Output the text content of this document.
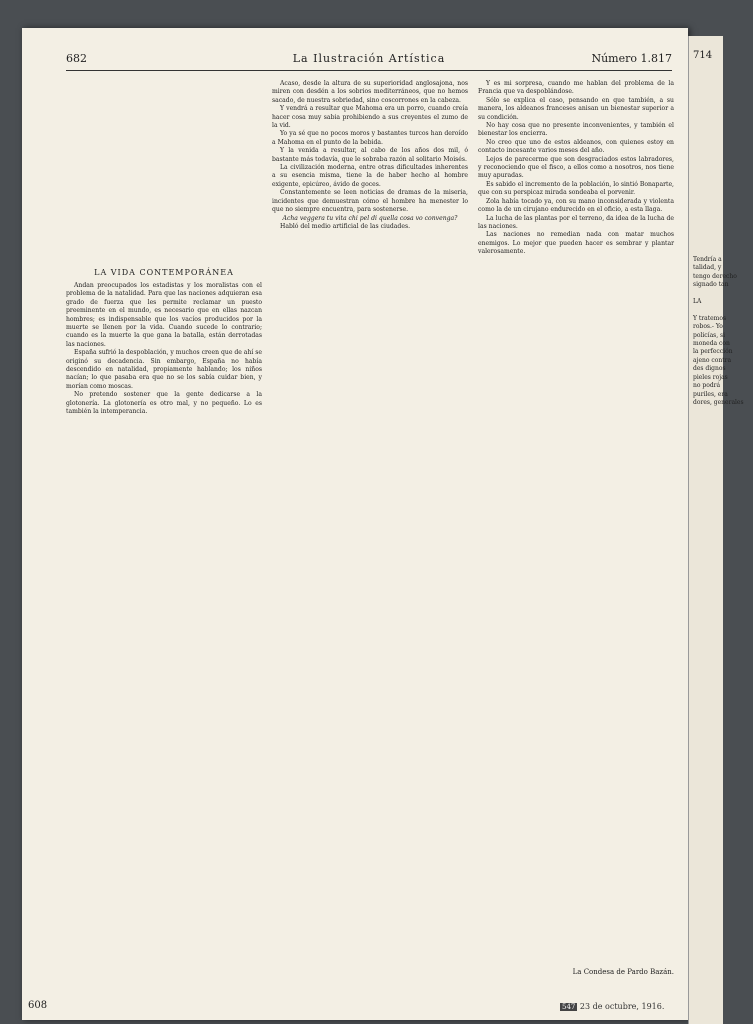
682	La Ilustración Artística	Número 1.817
LA VIDA CONTEMPORÁNEA

Andan preocupados los estadistas y los moralistas con el problema de la natalidad. Para que las naciones adquieran esa grado de fuerza que les permite reclamar un puesto preeminente en el mundo, es necesario que en ellas nazcan hombres; es indispensable que los vacíos producidos por la muerte se llenen por la vida. Cuando sucede lo contrario; cuando es la muerte la que gana la batalla, están derrotadas las naciones.

España sufrió la despoblación, y muchos creen que de ahí se originó su decadencia. Sin embargo, España no había descendido en natalidad, propiamente hablando; los niños nacían; lo que pasaba era que no se los sabía cuidar bien, y morían como moscas.

No pretendo sostener que la gente dedicarse a la glotonería. La glotonería es otro mal, y no pequeño. Lo es también la intemperancia.

Acaso, desde la altura de su superioridad anglosajona, nos miren con desdén a los sobrios mediterráneos, que no hemos sacado, de nuestra sobriedad, sino coscorrones en la cabeza.

Y vendrá a resultar que Mahoma era un porro, cuando creía hacer cosa muy sabia prohibiendo a sus creyentes el zumo de la vid.

Yo ya sé que no pocos moros y bastantes turcos han deroído a Mahoma en el punto de la bebida.

Y la venida a resultar, al cabo de los años dos mil, ó bastante más todavía, que le sobraba razón al solitario Moisés.

La civilización moderna, entre otras dificultades inherentes a su esencia misma, tiene la de haber hecho al hombre exigente, epicúreo, ávido de goces.

Constantemente se leen noticias de dramas de la miseria, incidentes que demuestran cómo el hombre ha menester lo que no siempre encuentra, para sostenerse.

Acha veggera tu vita chi pel di quella cosa vo convenga?

Habló del medio artificial de las ciudades.

Y es mi sorpresa, cuando me hablan del problema de la Francia que va despoblándose.

Sólo se explica el caso, pensando en que también, a su manera, los aldeanos franceses anisan un bienestar superior a su condición.

No hay cosa que no presente inconvenientes, y también el bienestar los encierra.

No creo que uno de estos aldeanos, con quienes estoy en contacto incesante varios meses del año.

Lejos de parecerme que son desgraciados estos labradores, y reconociendo que el fisco, a ellos como a nosotros, nos tiene muy apuradas.

Es sabido el incremento de la población, lo sintió Bonaparte, que con su perspicaz mirada sondeaba el porvenir.

Zola había tocado ya, con su mano inconsiderada y violenta como la de un cirujano endurecido en el oficio, a esta llaga.

La lucha de las plantas por el terreno, da idea de la lucha de las naciones.

Las naciones no remedian nada con matar muchos enemigos. Lo mejor que pueden hacer es sembrar y plantar valerosamente.

La Condesa de Pardo Bazán.
608	547 23 de octubre, 1916.
714
Tendría a
talidad, y
tengo derecho
signado tan

LA

Y tratemos
robos.- Yo
policías, si
moneda con
la perfección
ajeno contra
des dignos
pieles rojas
no podrá
puriles, era
dores, generales
